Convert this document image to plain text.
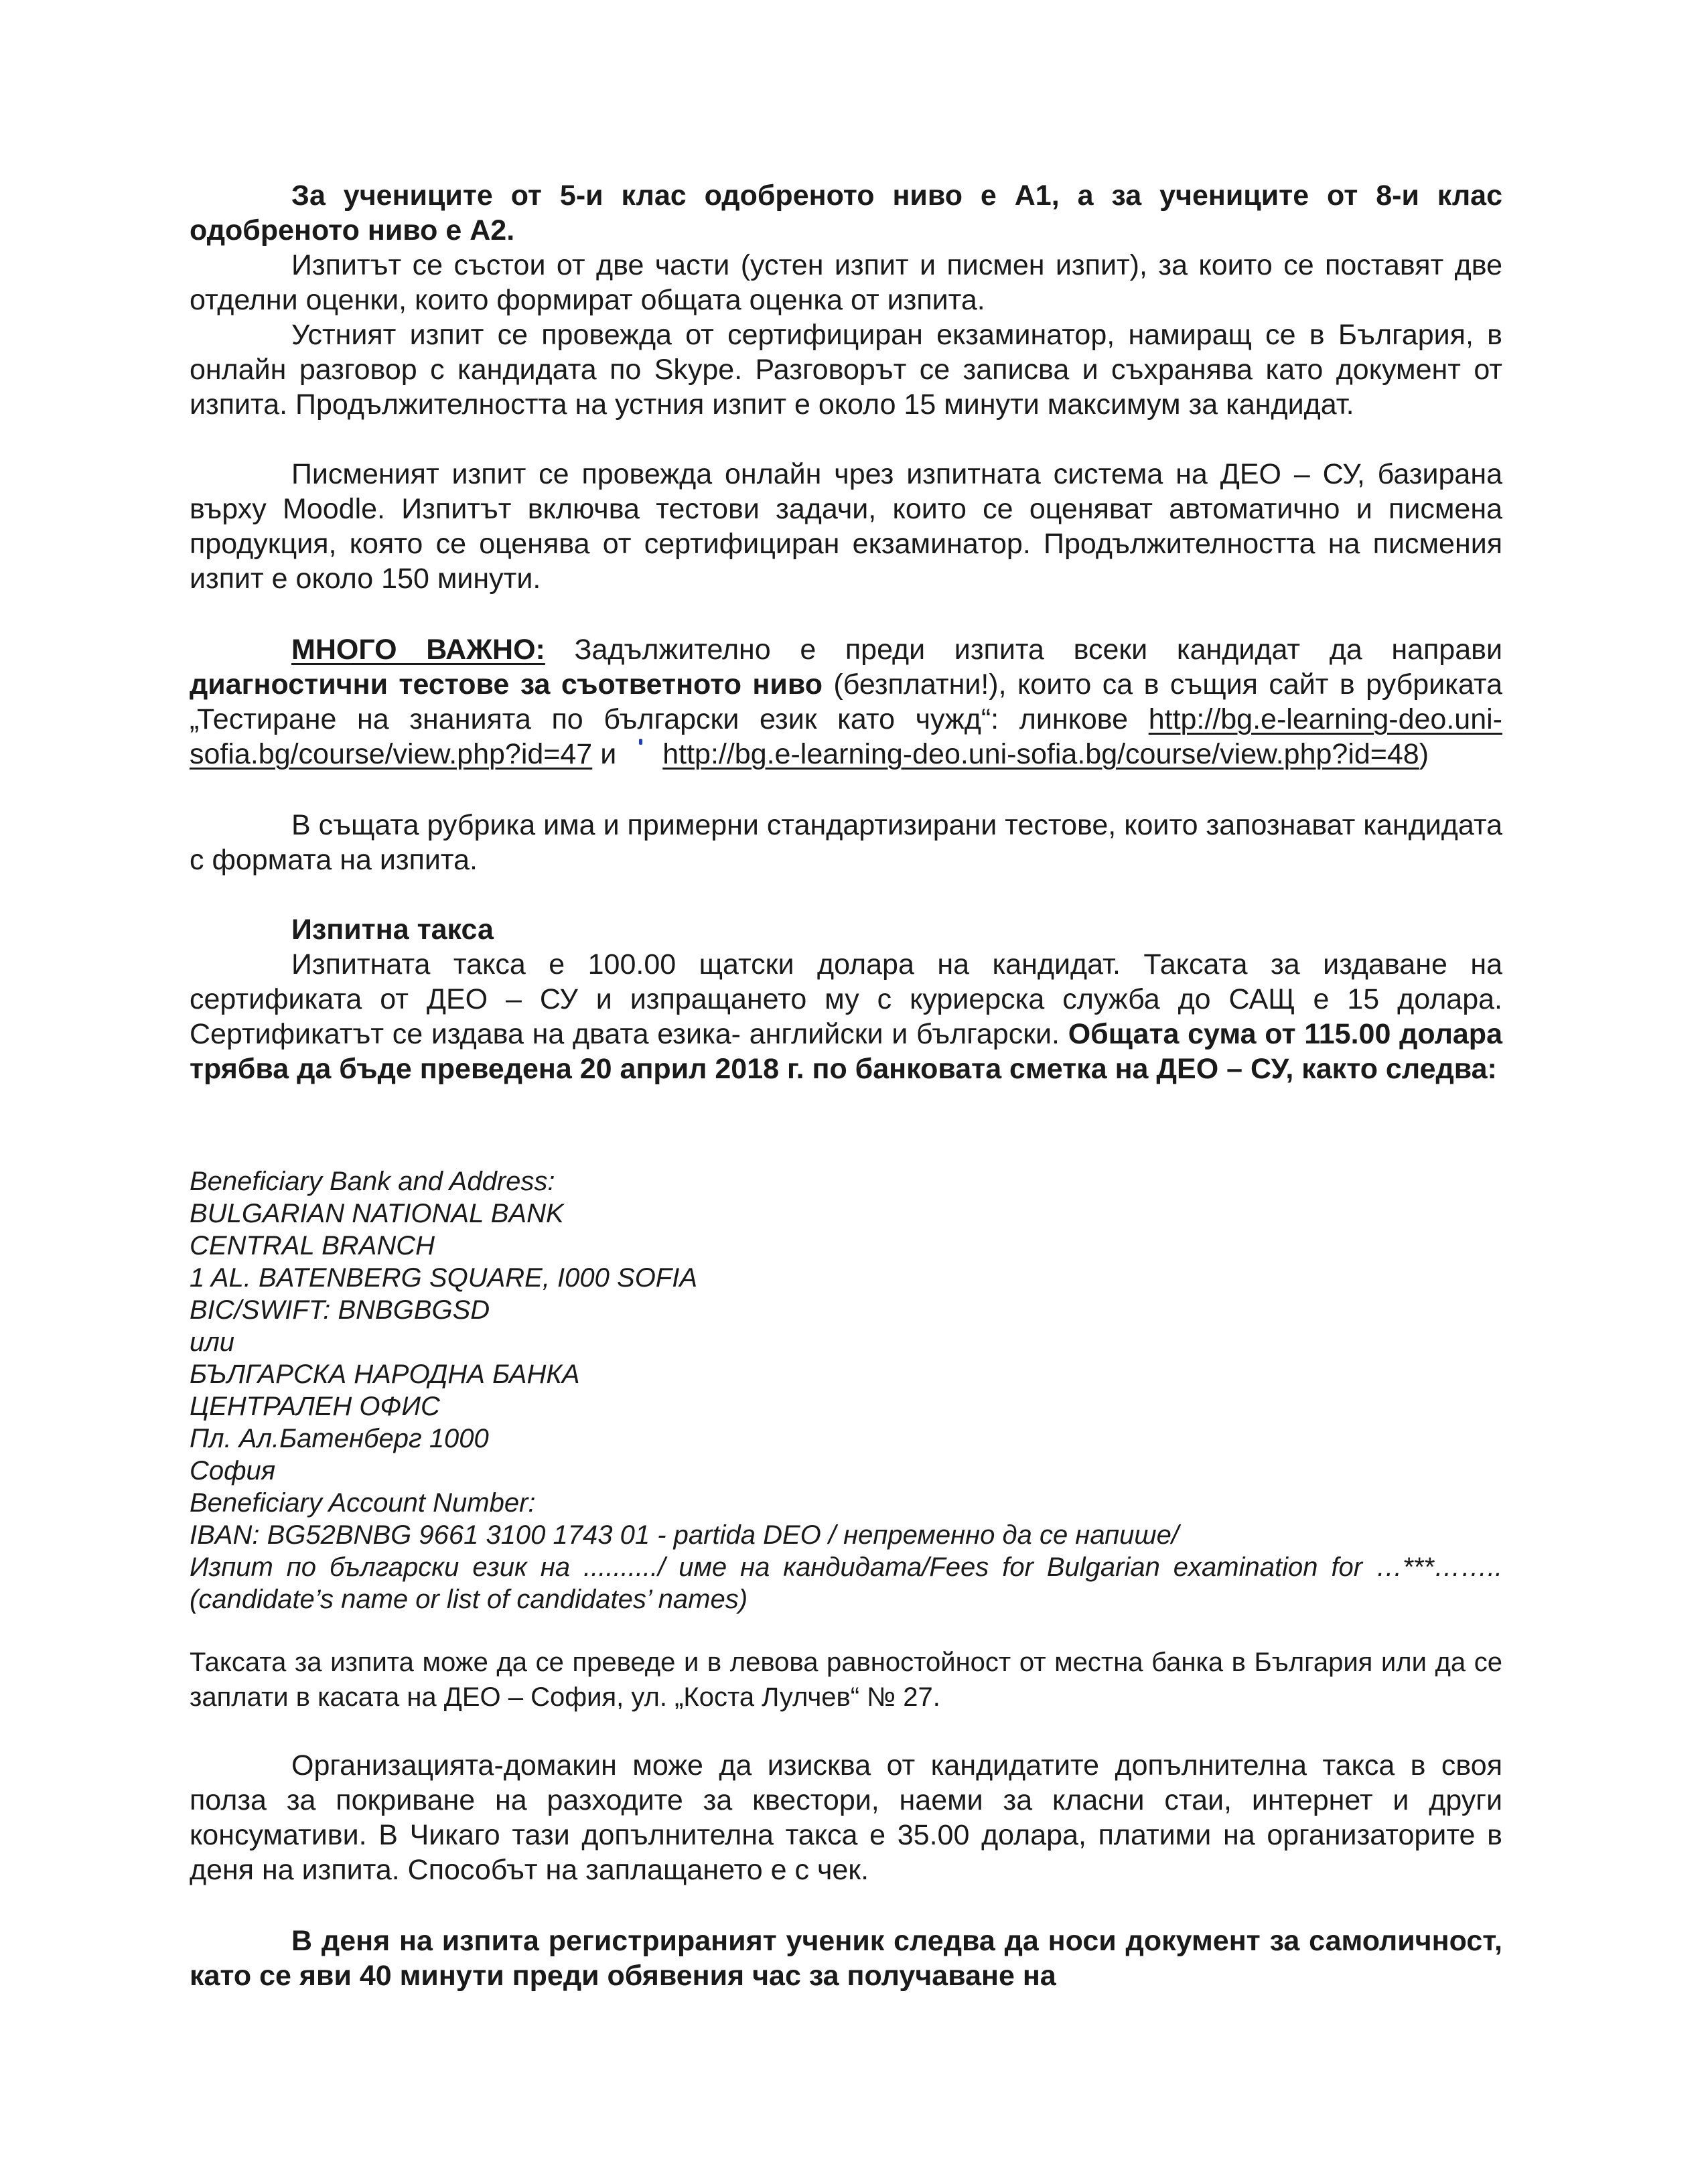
За учениците от 5-и клас одобреното ниво е А1, а за учениците от 8-и клас одобреното ниво е А2.

Изпитът се състои от две части (устен изпит и писмен изпит), за които се поставят две отделни оценки, които формират общата оценка от изпита.

Устният изпит се провежда от сертифициран екзаминатор, намиращ се в България, в онлайн разговор с кандидата по Skype. Разговорът се записва и съхранява като документ от изпита. Продължителността на устния изпит е около 15 минути максимум за кандидат.

Писменият изпит се провежда онлайн чрез изпитната система на ДЕО – СУ, базирана върху Moodle. Изпитът включва тестови задачи, които се оценяват автоматично и писмена продукция, която се оценява от сертифициран екзаминатор. Продължителността на писмения изпит е около 150 минути.

МНОГО ВАЖНО: Задължително е преди изпита всеки кандидат да направи диагностични тестове за съответното ниво (безплатни!), които са в същия сайт в рубриката „Тестиране на знанията по български език като чужд“: линкове http://bg.e-learning-deo.uni-sofia.bg/course/view.php?id=47 и http://bg.e-learning-deo.uni-sofia.bg/course/view.php?id=48)

В същата рубрика има и примерни стандартизирани тестове, които запознават кандидата с формата на изпита.

Изпитна такса

Изпитната такса е 100.00 щатски долара на кандидат. Таксата за издаване на сертификата от ДЕО – СУ и изпращането му с куриерска служба до САЩ е 15 долара. Сертификатът се издава на двата езика- английски и български. Общата сума от 115.00 долара трябва да бъде преведена 20 април 2018 г. по банковата сметка на ДЕО – СУ, както следва:

Beneficiary Bank and Address:
BULGARIAN NATIONAL BANK
CENTRAL BRANCH
1 AL. BATENBERG SQUARE, I000 SOFIA
BIC/SWIFT: BNBGBGSD
или
БЪЛГАРСКА НАРОДНА БАНКА
ЦЕНТРАЛЕН ОФИС
Пл. Ал.Батенберг 1000
София
Beneficiary Account Number:
IBAN: BG52BNBG 9661 3100 1743 01 - partida DEO / непременно да се напише/
Изпит по български език на ........../ име на кандидата/Fees for Bulgarian examination for …***……..(candidate’s name or list of candidates’ names)

Таксата за изпита може да се преведе и в левова равностойност от местна банка в България или да се заплати в касата на ДЕО – София, ул. „Коста Лулчев“ № 27.

Организацията-домакин може да изисква от кандидатите допълнителна такса в своя полза за покриване на разходите за квестори, наеми за класни стаи, интернет и други консумативи. В Чикаго тази допълнителна такса е 35.00 долара, платими на организаторите в деня на изпита. Способът на заплащането е с чек.

В деня на изпита регистрираният ученик следва да носи документ за самоличност, като се яви 40 минути преди обявения час за получаване на
